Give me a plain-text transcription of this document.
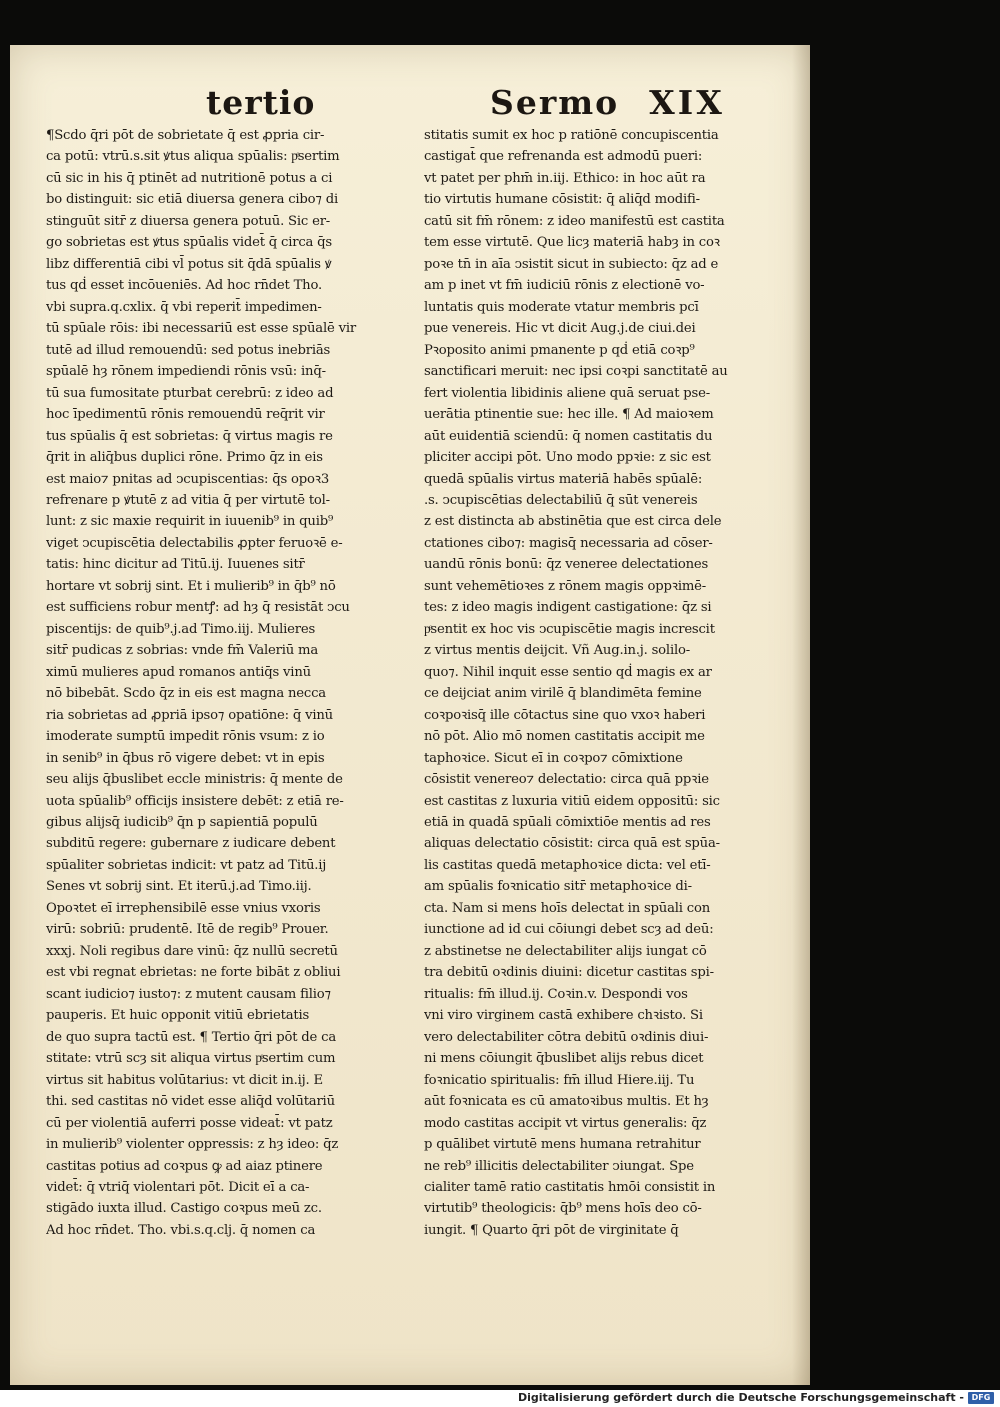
tertio	Sermo XIX
¶Scdo q̄ri pōt de sobrietate q̄ est ꝓpria cir-
ca potū: vtrū.s.sit ꝟtus aliqua spūalis: pͤsertim
cū sic in his q̄ ptinēt ad nutritionē potus a ci
bo distinguit: sic etiā diuersa genera cibo⁊ di
stinguūt sitr̄ z diuersa genera potuū. Sic er-
go sobrietas est ꝟtus spūalis videt̄ q̄ circa q̄s
libz differentiā cibi vl̄ potus sit q̄dā spūalis ꝟ
tus qḋ esset incōueniēs. Ad hoc rn̄det Tho.
vbi supra.q.cxlix. q̄ vbi reperit̄ impedimen-
tū spūale rōis: ibi necessariū est esse spūalē vir
tutē ad illud remouendū: sed potus inebriās
spūalē hȝ rōnem impediendi rōnis vsū: inq̄-
tū sua fumositate pturbat cerebrū: z ideo ad
hoc īpedimentū rōnis remouendū req̄rit vir
tus spūalis q̄ est sobrietas: q̄ virtus magis re
q̄rit in aliq̄bus duplici rōne. Primo q̄z in eis
est maio⁊ pnitas ad ↄcupiscentias: q̄s opoꝛ3
refrenare p ꝟtutē z ad vitia q̄ per virtutē tol-
lunt: z sic maxie requirit in iuuenib⁹ in quib⁹
viget ↄcupiscētia delectabilis ꝓpter feruoꝛē e-
tatis: hinc dicitur ad Titū.ij. Iuuenes sitr̄
hortare vt sobrij sint. Et i mulierib⁹ in q̄b⁹ nō
est sufficiens robur mentꝭ: ad hȝ q̄ resistāt ↄcu
piscentijs: de quib⁹.j.ad Timo.iij. Mulieres
sitr̄ pudicas z sobrias: vnde fm̄ Valeriū ma
ximū mulieres apud romanos antiq̄s vinū
nō bibebāt. Scdo q̄z in eis est magna necca
ria sobrietas ad ꝓpriā ipso⁊ opatiōne: q̄ vinū
imoderate sumptū impedit rōnis vsum: z io
in senib⁹ in q̄bus rō vigere debet: vt in epis
seu alijs q̄buslibet eccle ministris: q̄ mente de
uota spūalib⁹ officijs insistere debēt: z etiā re-
gibus alijsq̄ iudicib⁹ q̄n p sapientiā populū
subditū regere: gubernare z iudicare debent
spūaliter sobrietas indicit: vt patz ad Titū.ij
Senes vt sobrij sint. Et iterū.j.ad Timo.iij.
Opoꝛtet eī irrephensibilē esse vnius vxoris
virū: sobriū: prudentē. Itē de regib⁹ Prouer.
xxxj. Noli regibus dare vinū: q̄z nullū secretū
est vbi regnat ebrietas: ne forte bibāt z obliui
scant iudicio⁊ iusto⁊: z mutent causam filio⁊
pauperis. Et huic opponit vitiū ebrietatis
de quo supra tactū est. ¶ Tertio q̄ri pōt de ca
stitate: vtrū scȝ sit aliqua virtus pͤsertim cum
virtus sit habitus volūtarius: vt dicit in.ij. E
thi. sed castitas nō videt esse aliq̄d volūtariū
cū per violentiā auferri posse videat̄: vt patz
in mulierib⁹ violenter oppressis: z hȝ ideo: q̄z
castitas potius ad coꝛpus ꝙ ad aiaz ptinere
videt̄: q̄ vtriq̄ violentari pōt. Dicit eī a ca-
stigādo iuxta illud. Castigo coꝛpus meū zc.
Ad hoc rn̄det. Tho. vbi.s.q.clj. q̄ nomen ca
stitatis sumit ex hoc p ratiōnē concupiscentia
castigat̄ que refrenanda est admodū pueri:
vt patet per phm̄ in.iij. Ethico: in hoc aūt ra
tio virtutis humane cōsistit: q̄ aliq̄d modifi-
catū sit fm̄ rōnem: z ideo manifestū est castita
tem esse virtutē. Que licȝ materiā habȝ in coꝛ
poꝛe tn̄ in aīa ↄsistit sicut in subiecto: q̄z ad e
am p inet vt fm̄ iudiciū rōnis z electionē vo-
luntatis quis moderate vtatur membris pcī
pue venereis. Hic vt dicit Aug.j.de ciui.dei
Pꝛoposito animi pmanente p qḋ etiā coꝛp⁹
sanctificari meruit: nec ipsi coꝛpi sanctitatē au
fert violentia libidinis aliene quā seruat pse-
uerātia ptinentie sue: hec ille. ¶ Ad maioꝛem
aūt euidentiā sciendū: q̄ nomen castitatis du
pliciter accipi pōt. Uno modo ppꝛie: z sic est
quedā spūalis virtus materiā habēs spūalē:
.s. ↄcupiscētias delectabiliū q̄ sūt venereis
z est distincta ab abstinētia que est circa dele
ctationes cibo⁊: magisq̄ necessaria ad cōser-
uandū rōnis bonū: q̄z veneree delectationes
sunt vehemētioꝛes z rōnem magis oppꝛimē-
tes: z ideo magis indigent castigatione: q̄z si
pͤsentit ex hoc vis ↄcupiscētie magis increscit
z virtus mentis deijcit. Vñ Aug.in.j. solilo-
quo⁊. Nihil inquit esse sentio qḋ magis ex ar
ce deijciat anim virilē q̄ blandimēta femine
coꝛpoꝛisq̄ ille cōtactus sine quo vxoꝛ haberi
nō pōt. Alio mō nomen castitatis accipit me
taphoꝛice. Sicut eī in coꝛpo⁊ cōmixtione
cōsistit venereo⁊ delectatio: circa quā ppꝛie
est castitas z luxuria vitiū eidem oppositū: sic
etiā in quadā spūali cōmixtiōe mentis ad res
aliquas delectatio cōsistit: circa quā est spūa-
lis castitas quedā metaphoꝛice dicta: vel etī-
am spūalis foꝛnicatio sitr̄ metaphoꝛice di-
cta. Nam si mens hoīs delectat in spūali con
iunctione ad id cui cōiungi debet scȝ ad deū:
z abstinetse ne delectabiliter alijs iungat cō
tra debitū oꝛdinis diuini: dicetur castitas spi-
ritualis: fm̄ illud.ij. Coꝛin.v. Despondi vos
vni viro virginem castā exhibere chꝛisto. Si
vero delectabiliter cōtra debitū oꝛdinis diui-
ni mens cōiungit q̄buslibet alijs rebus dicet
foꝛnicatio spiritualis: fm̄ illud Hiere.iij. Tu
aūt foꝛnicata es cū amatoꝛibus multis. Et hȝ
modo castitas accipit vt virtus generalis: q̄z
p quālibet virtutē mens humana retrahitur
ne reb⁹ illicitis delectabiliter ↄiungat. Spe
cialiter tamē ratio castitatis hmōi consistit in
virtutib⁹ theologicis: q̄b⁹ mens hoīs deo cō-
iungit. ¶ Quarto q̄ri pōt de virginitate q̄̄
Digitalisierung gefördert durch die Deutsche Forschungsgemeinschaft - DFG
